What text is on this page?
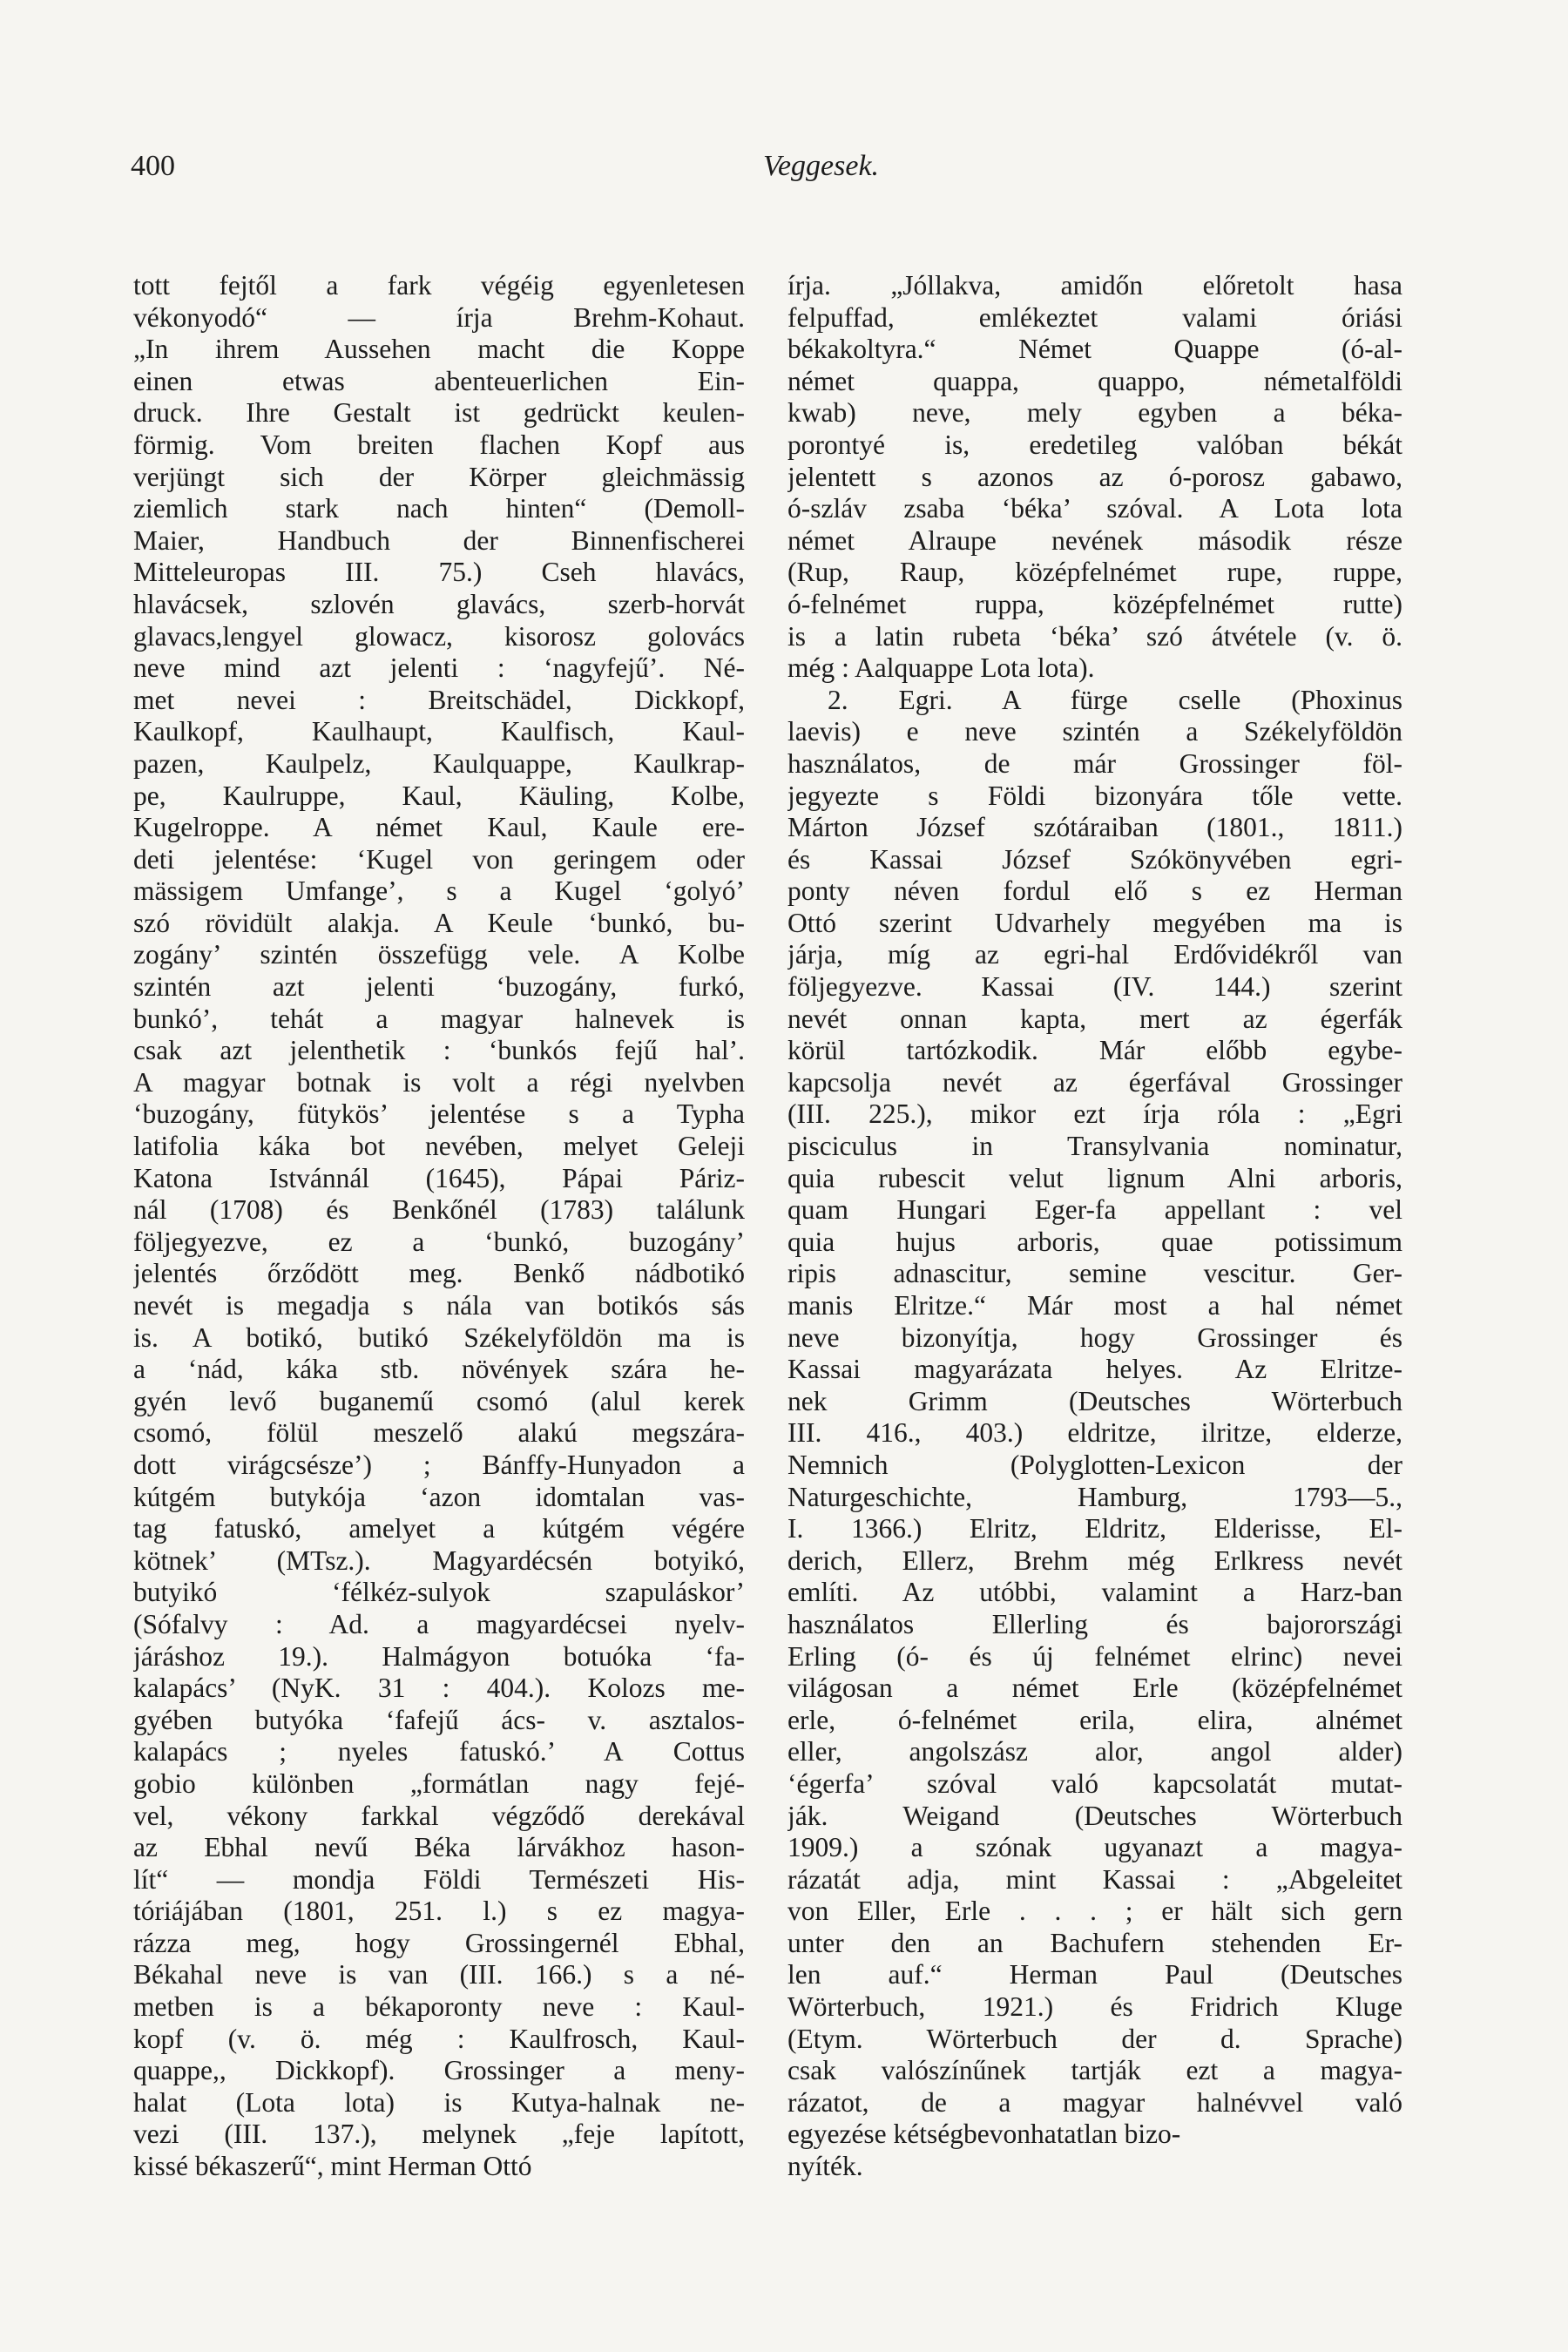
400	Veggesek.
tott fejtől a fark végéig egyenletesen
vékonyodó“ — írja Brehm-Kohaut.
„In ihrem Aussehen macht die Koppe
einen etwas abenteuerlichen Ein-
druck. Ihre Gestalt ist gedrückt keulen-
förmig. Vom breiten flachen Kopf aus
verjüngt sich der Körper gleichmässig
ziemlich stark nach hinten“ (Demoll-
Maier, Handbuch der Binnenfischerei
Mitteleuropas III. 75.) Cseh hlavács,
hlavácsek, szlovén glavács, szerb-horvát
glavacs,lengyel glowacz, kisorosz golovács
neve mind azt jelenti : ‘nagyfejű’. Né-
met nevei : Breitschädel, Dickkopf,
Kaulkopf, Kaulhaupt, Kaulfisch, Kaul-
pazen, Kaulpelz, Kaulquappe, Kaulkrap-
pe, Kaulruppe, Kaul, Käuling, Kolbe,
Kugelroppe. A német Kaul, Kaule ere-
deti jelentése: ‘Kugel von geringem oder
mässigem Umfange’, s a Kugel ‘golyó’
szó rövidült alakja. A Keule ‘bunkó, bu-
zogány’ szintén összefügg vele. A Kolbe
szintén azt jelenti ‘buzogány, furkó,
bunkó’, tehát a magyar halnevek is
csak azt jelenthetik : ‘bunkós fejű hal’.
A magyar botnak is volt a régi nyelvben
‘buzogány, fütykös’ jelentése s a Typha
latifolia káka bot nevében, melyet Geleji
Katona Istvánnál (1645), Pápai Páriz-
nál (1708) és Benkőnél (1783) találunk
följegyezve, ez a ‘bunkó, buzogány’
jelentés őrződött meg. Benkő nádbotikó
nevét is megadja s nála van botikós sás
is. A botikó, butikó Székelyföldön ma is
a ‘nád, káka stb. növények szára he-
gyén levő buganemű csomó (alul kerek
csomó, fölül meszelő alakú megszára-
dott virágcsésze’) ; Bánffy-Hunyadon a
kútgém butykója ‘azon idomtalan vas-
tag fatuskó, amelyet a kútgém végére
kötnek’ (MTsz.). Magyardécsén botyikó,
butyikó ‘félkéz-sulyok szapuláskor’
(Sófalvy : Ad. a magyardécsei nyelv-
járáshoz 19.). Halmágyon botuóka ‘fa-
kalapács’ (NyK. 31 : 404.). Kolozs me-
gyében butyóka ‘fafejű ács- v. asztalos-
kalapács ; nyeles fatuskó.’ A Cottus
gobio különben „formátlan nagy fejé-
vel, vékony farkkal végződő derekával
az Ebhal nevű Béka lárvákhoz hason-
lít“ — mondja Földi Természeti His-
tóriájában (1801, 251. l.) s ez magya-
rázza meg, hogy Grossingernél Ebhal,
Békahal neve is van (III. 166.) s a né-
metben is a békaporonty neve : Kaul-
kopf (v. ö. még : Kaulfrosch, Kaul-
quappe,, Dickkopf). Grossinger a meny-
halat (Lota lota) is Kutya-halnak ne-
vezi (III. 137.), melynek „feje lapított,
kissé békaszerű“, mint Herman Ottó
írja. „Jóllakva, amidőn előretolt hasa
felpuffad, emlékeztet valami óriási
békakoltyra.“ Német Quappe (ó-al-
német quappa, quappo, németalföldi
kwab) neve, mely egyben a béka-
porontyé is, eredetileg valóban békát
jelentett s azonos az ó-porosz gabawo,
ó-szláv zsaba ‘béka’ szóval. A Lota lota
német Alraupe nevének második része
(Rup, Raup, középfelnémet rupe, ruppe,
ó-felnémet ruppa, középfelnémet rutte)
is a latin rubeta ‘béka’ szó átvétele (v. ö.
még : Aalquappe Lota lota).
2. Egri. A fürge cselle (Phoxinus
laevis) e neve szintén a Székelyföldön
használatos, de már Grossinger föl-
jegyezte s Földi bizonyára tőle vette.
Márton József szótáraiban (1801., 1811.)
és Kassai József Szókönyvében egri-
ponty néven fordul elő s ez Herman
Ottó szerint Udvarhely megyében ma is
járja, míg az egri-hal Erdővidékről van
följegyezve. Kassai (IV. 144.) szerint
nevét onnan kapta, mert az égerfák
körül tartózkodik. Már előbb egybe-
kapcsolja nevét az égerfával Grossinger
(III. 225.), mikor ezt írja róla : „Egri
pisciculus in Transylvania nominatur,
quia rubescit velut lignum Alni arboris,
quam Hungari Eger-fa appellant : vel
quia hujus arboris, quae potissimum
ripis adnascitur, semine vescitur. Ger-
manis Elritze.“ Már most a hal német
neve bizonyítja, hogy Grossinger és
Kassai magyarázata helyes. Az Elritze-
nek Grimm (Deutsches Wörterbuch
III. 416., 403.) eldritze, ilritze, elderze,
Nemnich (Polyglotten-Lexicon der
Naturgeschichte, Hamburg, 1793—5.,
I. 1366.) Elritz, Eldritz, Elderisse, El-
derich, Ellerz, Brehm még Erlkress nevét
említi. Az utóbbi, valamint a Harz-ban
használatos Ellerling és bajorországi
Erling (ó- és új felnémet elrinc) nevei
világosan a német Erle (középfelnémet
erle, ó-felnémet erila, elira, alnémet
eller, angolszász alor, angol alder)
‘égerfa’ szóval való kapcsolatát mutat-
ják. Weigand (Deutsches Wörterbuch
1909.) a szónak ugyanazt a magya-
rázatát adja, mint Kassai : „Abgeleitet
von Eller, Erle . . . ; er hält sich gern
unter den an Bachufern stehenden Er-
len auf.“ Herman Paul (Deutsches
Wörterbuch, 1921.) és Fridrich Kluge
(Etym. Wörterbuch der d. Sprache)
csak valószínűnek tartják ezt a magya-
rázatot, de a magyar halnévvel való
egyezése kétségbevonhatatlan bizo-
nyíték.
